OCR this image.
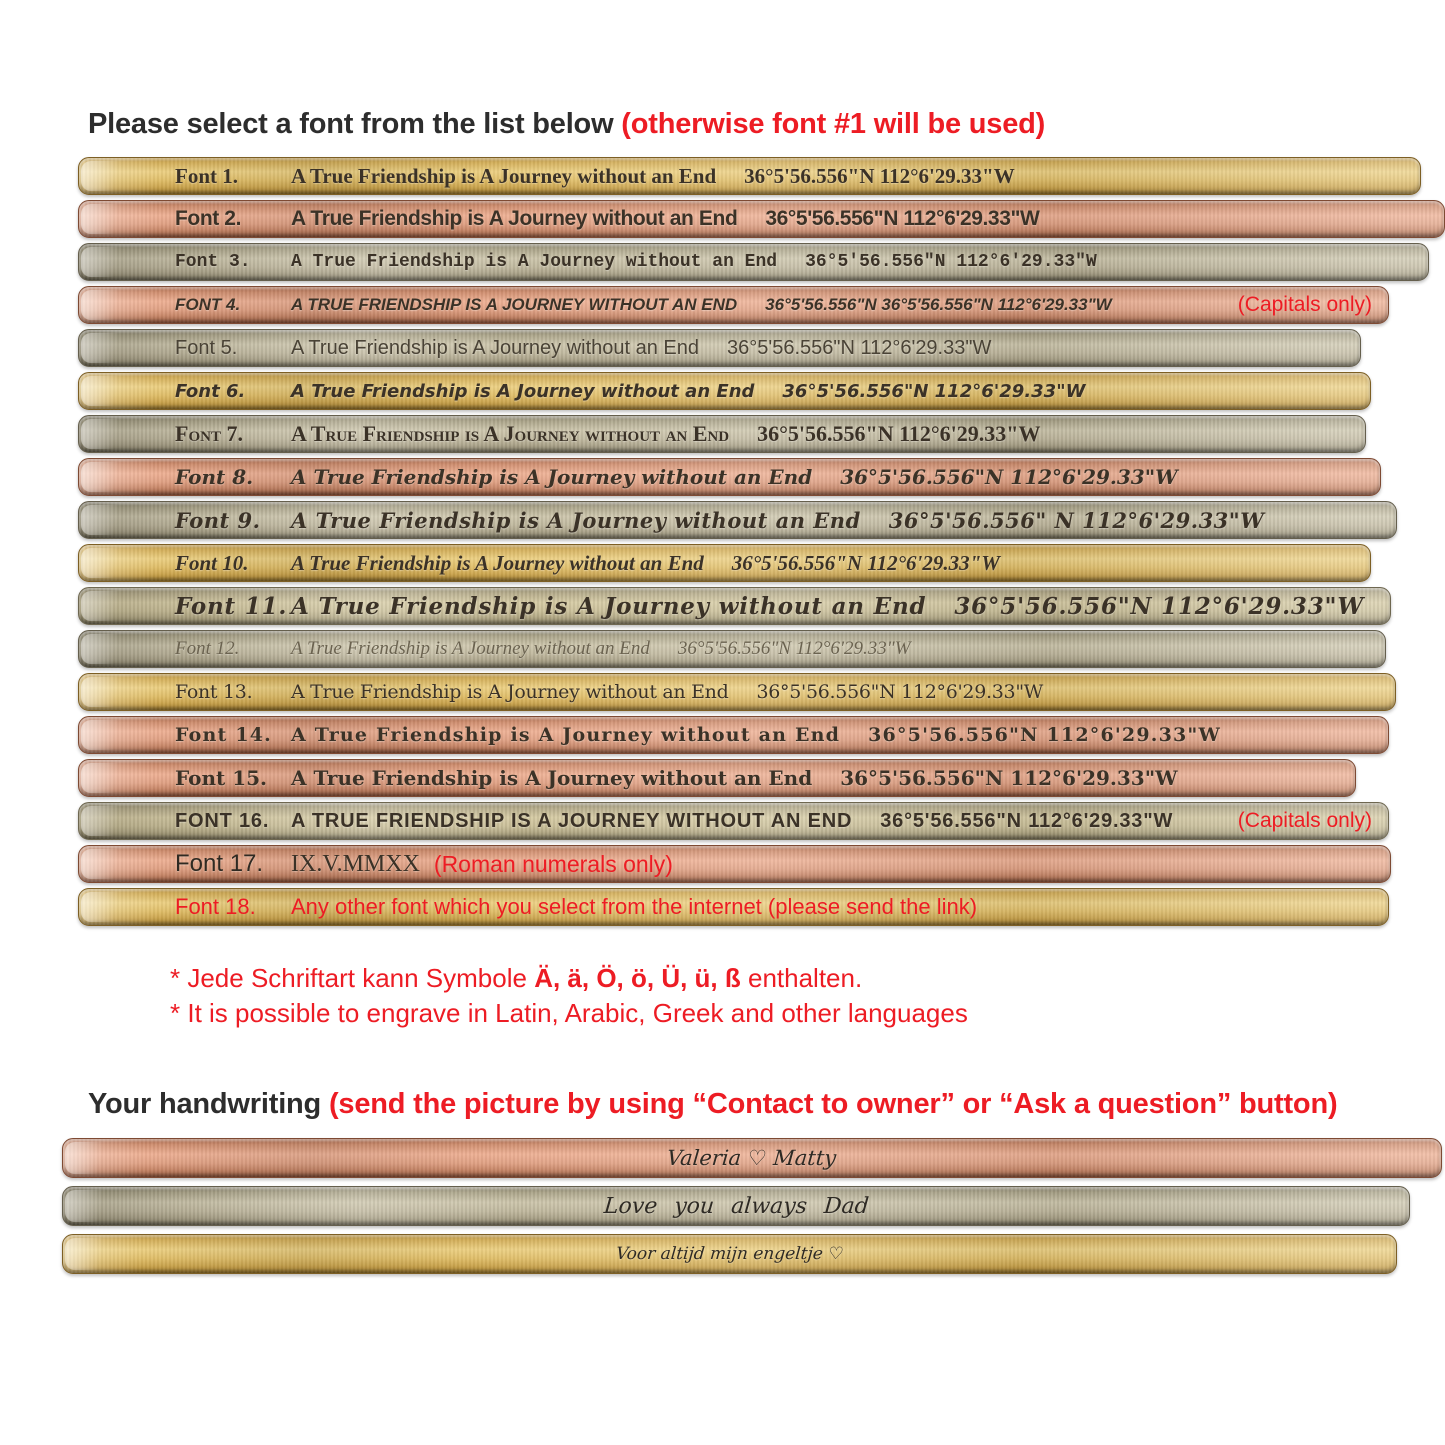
Please select a font from the list below (otherwise font #1 will be used)
Font 1.	A True Friendship is A Journey without an End 36°5'56.556"N 112°6'29.33"W
Font 2.	A True Friendship is A Journey without an End 36°5'56.556"N 112°6'29.33"W
Font 3.	A True Friendship is A Journey without an End 36°5'56.556"N 112°6'29.33"W
FONT 4.	A TRUE FRIENDSHIP IS A JOURNEY WITHOUT AN END 36°5'56.556"N 36°5'56.556"N 112°6'29.33"W	(Capitals only)
Font 5.	A True Friendship is A Journey without an End 36°5'56.556"N 112°6'29.33"W
Font 6.	A True Friendship is A Journey without an End 36°5'56.556"N 112°6'29.33"W
Font 7.	A True Friendship is A Journey without an End 36°5'56.556"N 112°6'29.33"W
Font 8.	A True Friendship is A Journey without an End 36°5'56.556"N 112°6'29.33"W
Font 9.	A True Friendship is A Journey without an End 36°5'56.556" N 112°6'29.33"W
Font 10.	A True Friendship is A Journey without an End 36°5'56.556"N 112°6'29.33"W
Font 11. A True Friendship is A Journey without an End 36°5'56.556"N 112°6'29.33"W
Font 12.	A True Friendship is A Journey without an End 36°5'56.556"N 112°6'29.33"W
Font 13.	A True Friendship is A Journey without an End 36°5'56.556"N 112°6'29.33"W
Font 14.	A True Friendship is A Journey without an End 36°5'56.556"N 112°6'29.33"W
Font 15.	A True Friendship is A Journey without an End 36°5'56.556"N 112°6'29.33"W
FONT 16.	A TRUE FRIENDSHIP IS A JOURNEY WITHOUT AN END 36°5'56.556"N 112°6'29.33"W	(Capitals only)
Font 17.	IX.V.MMXX (Roman numerals only)
Font 18.	Any other font which you select from the internet (please send the link)
* Jede Schriftart kann Symbole Ä, ä, Ö, ö, Ü, ü, ß enthalten.
* It is possible to engrave in Latin, Arabic, Greek and other languages
Your handwriting (send the picture by using “Contact to owner” or “Ask a question” button)
Valeria ♡ Matty
Love you always Dad
Voor altijd mijn engeltje ♡
